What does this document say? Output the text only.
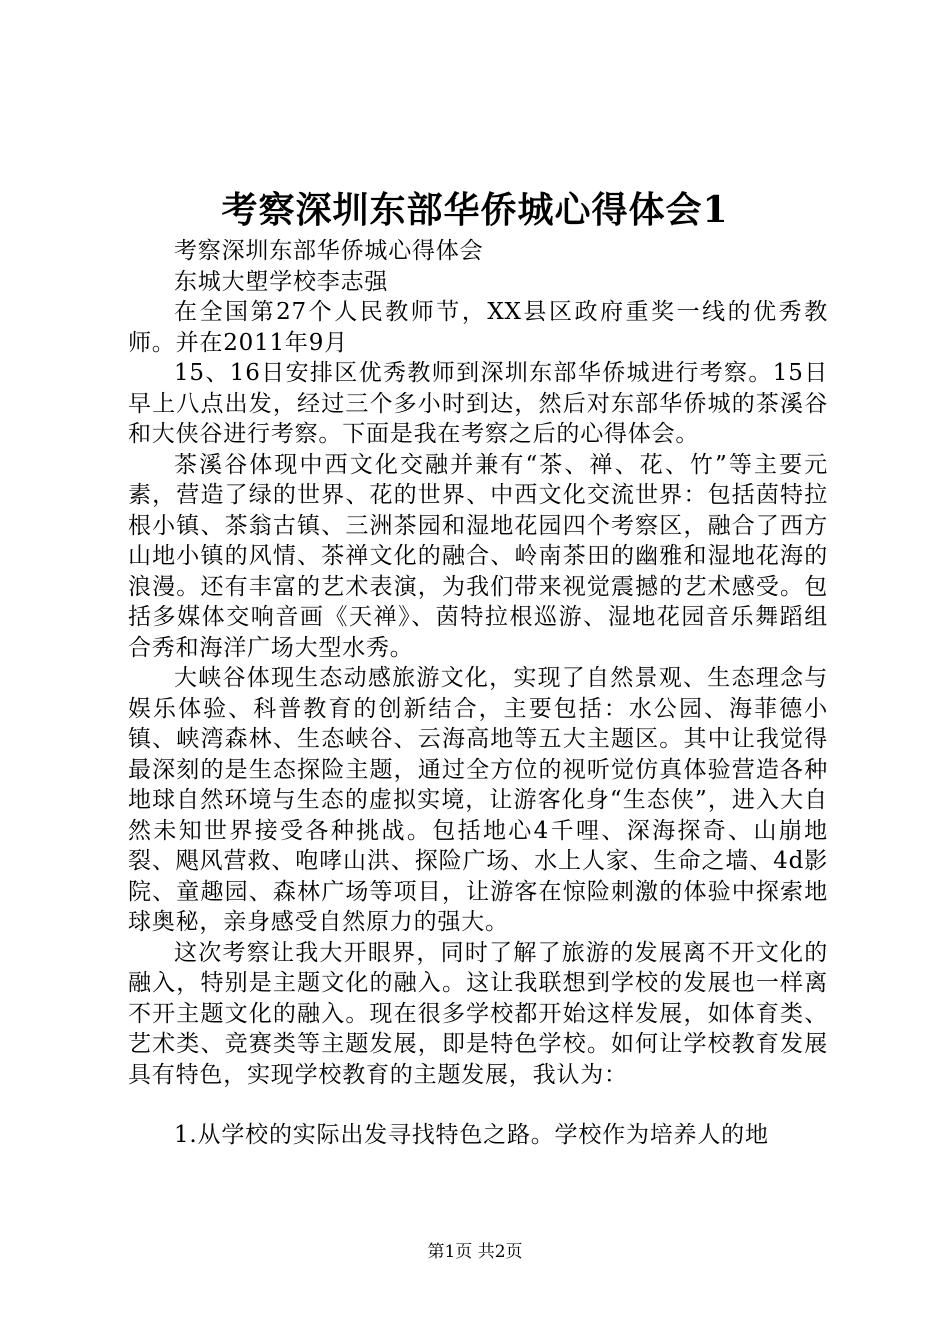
考察深圳东部华侨城心得体会1

考察深圳东部华侨城心得体会

东城大塱学校李志强

在全国第27个人民教师节，XX县区政府重奖一线的优秀教师。并在2011年9月

15、16日安排区优秀教师到深圳东部华侨城进行考察。15日早上八点出发，经过三个多小时到达，然后对东部华侨城的茶溪谷和大侠谷进行考察。下面是我在考察之后的心得体会。

茶溪谷体现中西文化交融并兼有“茶、禅、花、竹”等主要元素，营造了绿的世界、花的世界、中西文化交流世界：包括茵特拉根小镇、茶翁古镇、三洲茶园和湿地花园四个考察区，融合了西方山地小镇的风情、茶禅文化的融合、岭南茶田的幽雅和湿地花海的浪漫。还有丰富的艺术表演，为我们带来视觉震撼的艺术感受。包括多媒体交响音画《天禅》、茵特拉根巡游、湿地花园音乐舞蹈组合秀和海洋广场大型水秀。

大峡谷体现生态动感旅游文化，实现了自然景观、生态理念与娱乐体验、科普教育的创新结合，主要包括：水公园、海菲德小镇、峡湾森林、生态峡谷、云海高地等五大主题区。其中让我觉得最深刻的是生态探险主题，通过全方位的视听觉仿真体验营造各种地球自然环境与生态的虚拟实境，让游客化身“生态侠”，进入大自然未知世界接受各种挑战。包括地心4千哩、深海探奇、山崩地裂、飓风营救、咆哮山洪、探险广场、水上人家、生命之墙、4d影院、童趣园、森林广场等项目，让游客在惊险刺激的体验中探索地球奥秘，亲身感受自然原力的强大。

这次考察让我大开眼界，同时了解了旅游的发展离不开文化的融入，特别是主题文化的融入。这让我联想到学校的发展也一样离不开主题文化的融入。现在很多学校都开始这样发展，如体育类、艺术类、竞赛类等主题发展，即是特色学校。如何让学校教育发展具有特色，实现学校教育的主题发展，我认为：

1.从学校的实际出发寻找特色之路。学校作为培养人的地

第1页 共2页
